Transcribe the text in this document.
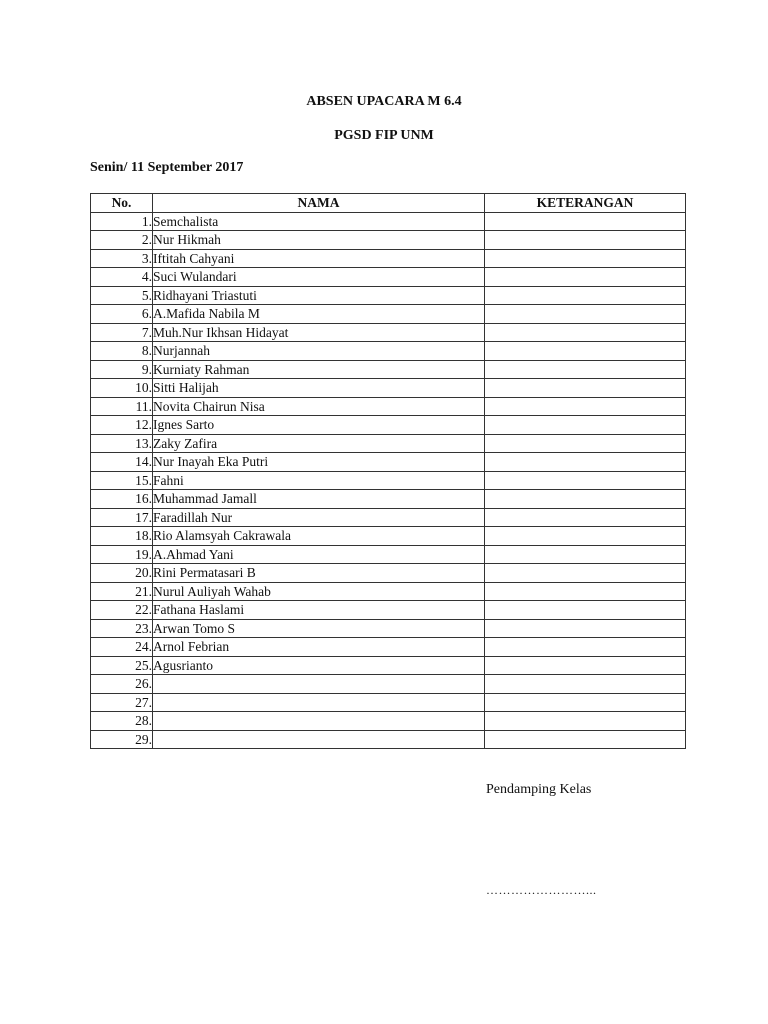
ABSEN UPACARA M 6.4
PGSD FIP UNM
Senin/ 11 September 2017
No.	NAMA	KETERANGAN
1.	Semchalista	
2.	Nur Hikmah	
3.	Iftitah Cahyani	
4.	Suci Wulandari	
5.	Ridhayani Triastuti	
6.	A.Mafida Nabila M	
7.	Muh.Nur Ikhsan Hidayat	
8.	Nurjannah	
9.	Kurniaty Rahman	
10.	Sitti Halijah	
11.	Novita Chairun Nisa	
12.	Ignes Sarto	
13.	Zaky Zafira	
14.	Nur Inayah Eka Putri	
15.	Fahni	
16.	Muhammad Jamall	
17.	Faradillah Nur	
18.	Rio Alamsyah Cakrawala	
19.	A.Ahmad Yani	
20.	Rini Permatasari B	
21.	Nurul Auliyah Wahab	
22.	Fathana Haslami	
23.	Arwan Tomo S	
24.	Arnol Febrian	
25.	Agusrianto	
26.		
27.		
28.		
29.		
Pendamping Kelas
……………………...
